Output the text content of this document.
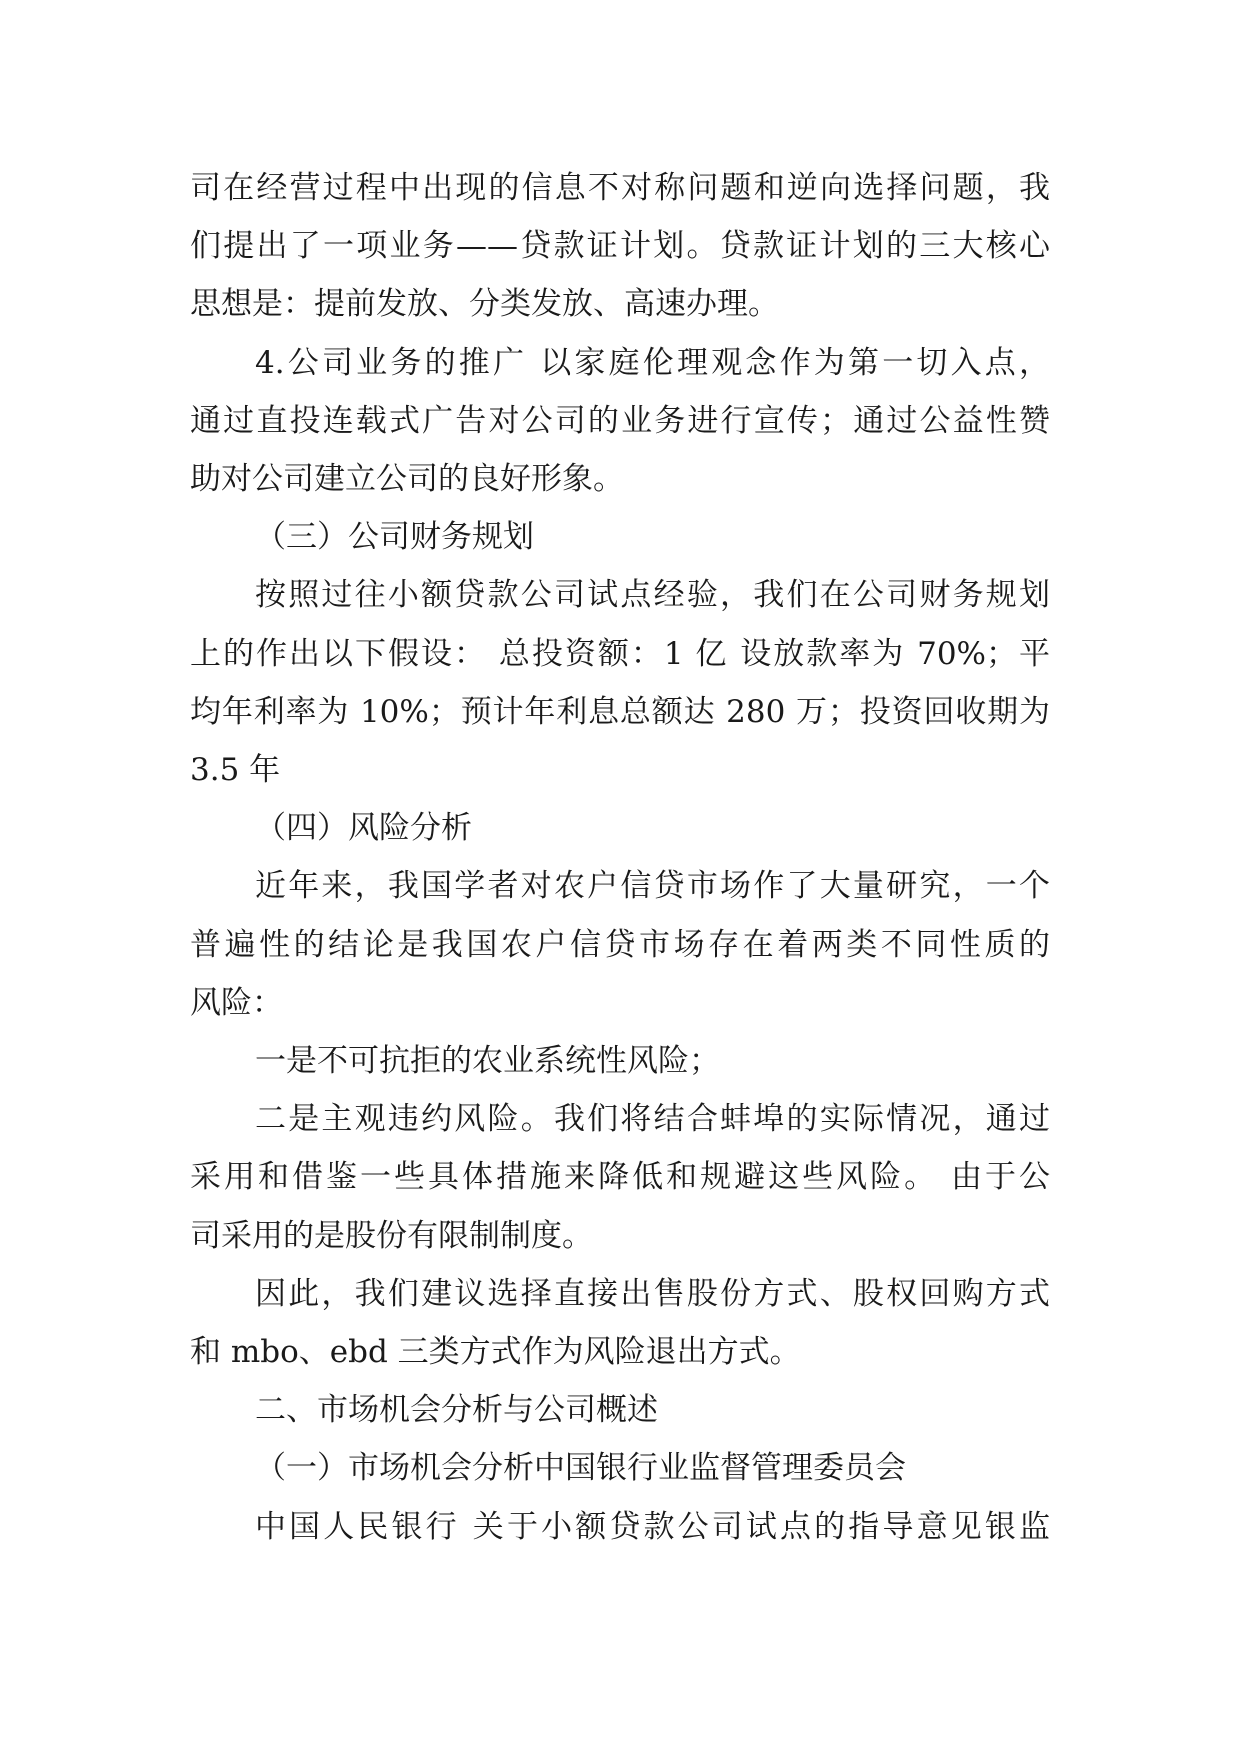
司在经营过程中出现的信息不对称问题和逆向选择问题，我
们提出了一项业务——贷款证计划。贷款证计划的三大核心
思想是：提前发放、分类发放、高速办理。
4.公司业务的推广 以家庭伦理观念作为第一切入点，
通过直投连载式广告对公司的业务进行宣传；通过公益性赞
助对公司建立公司的良好形象。
（三）公司财务规划
按照过往小额贷款公司试点经验，我们在公司财务规划
上的作出以下假设： 总投资额：1 亿 设放款率为 70%；平
均年利率为 10%；预计年利息总额达 280 万；投资回收期为
3.5 年
（四）风险分析
近年来，我国学者对农户信贷市场作了大量研究，一个
普遍性的结论是我国农户信贷市场存在着两类不同性质的
风险：
一是不可抗拒的农业系统性风险；
二是主观违约风险。我们将结合蚌埠的实际情况，通过
采用和借鉴一些具体措施来降低和规避这些风险。 由于公
司采用的是股份有限制制度。
因此，我们建议选择直接出售股份方式、股权回购方式
和 mbo、ebd 三类方式作为风险退出方式。
二、市场机会分析与公司概述
（一）市场机会分析中国银行业监督管理委员会
中国人民银行 关于小额贷款公司试点的指导意见银监
